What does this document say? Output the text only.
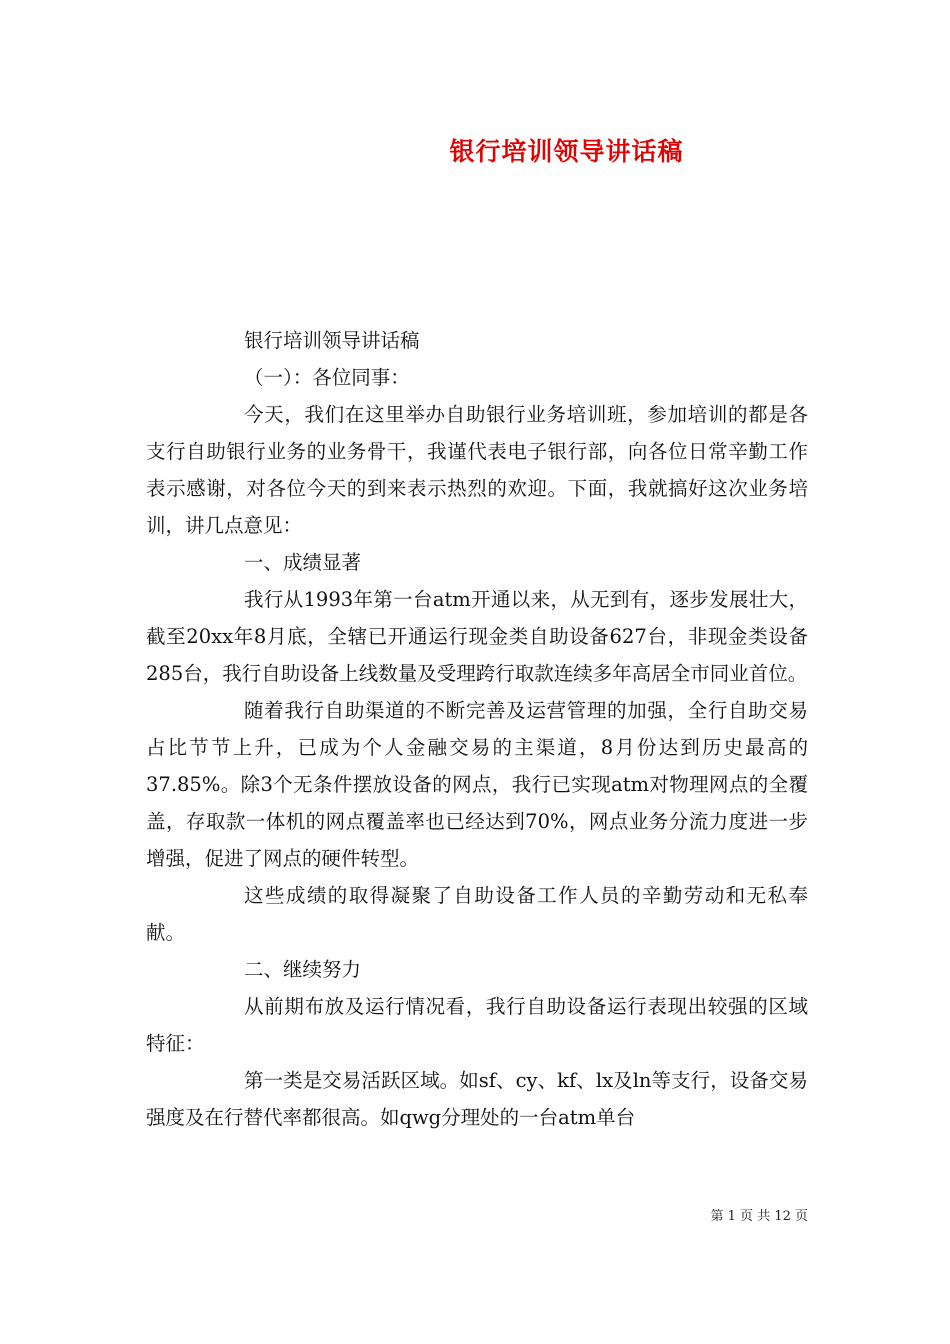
银行培训领导讲话稿

银行培训领导讲话稿

（一）：各位同事：

今天，我们在这里举办自助银行业务培训班，参加培训的都是各支行自助银行业务的业务骨干，我谨代表电子银行部，向各位日常辛勤工作表示感谢，对各位今天的到来表示热烈的欢迎。下面，我就搞好这次业务培训，讲几点意见：

一、成绩显著

我行从1993年第一台atm开通以来，从无到有，逐步发展壮大，截至20xx年8月底，全辖已开通运行现金类自助设备627台，非现金类设备285台，我行自助设备上线数量及受理跨行取款连续多年高居全市同业首位。

随着我行自助渠道的不断完善及运营管理的加强，全行自助交易占比节节上升，已成为个人金融交易的主渠道，8月份达到历史最高的37.85%。除3个无条件摆放设备的网点，我行已实现atm对物理网点的全覆盖，存取款一体机的网点覆盖率也已经达到70%，网点业务分流力度进一步增强，促进了网点的硬件转型。

这些成绩的取得凝聚了自助设备工作人员的辛勤劳动和无私奉献。

二、继续努力

从前期布放及运行情况看，我行自助设备运行表现出较强的区域特征：

第一类是交易活跃区域。如sf、cy、kf、lx及ln等支行，设备交易强度及在行替代率都很高。如qwg分理处的一台atm单台

第 1 页 共 12 页
